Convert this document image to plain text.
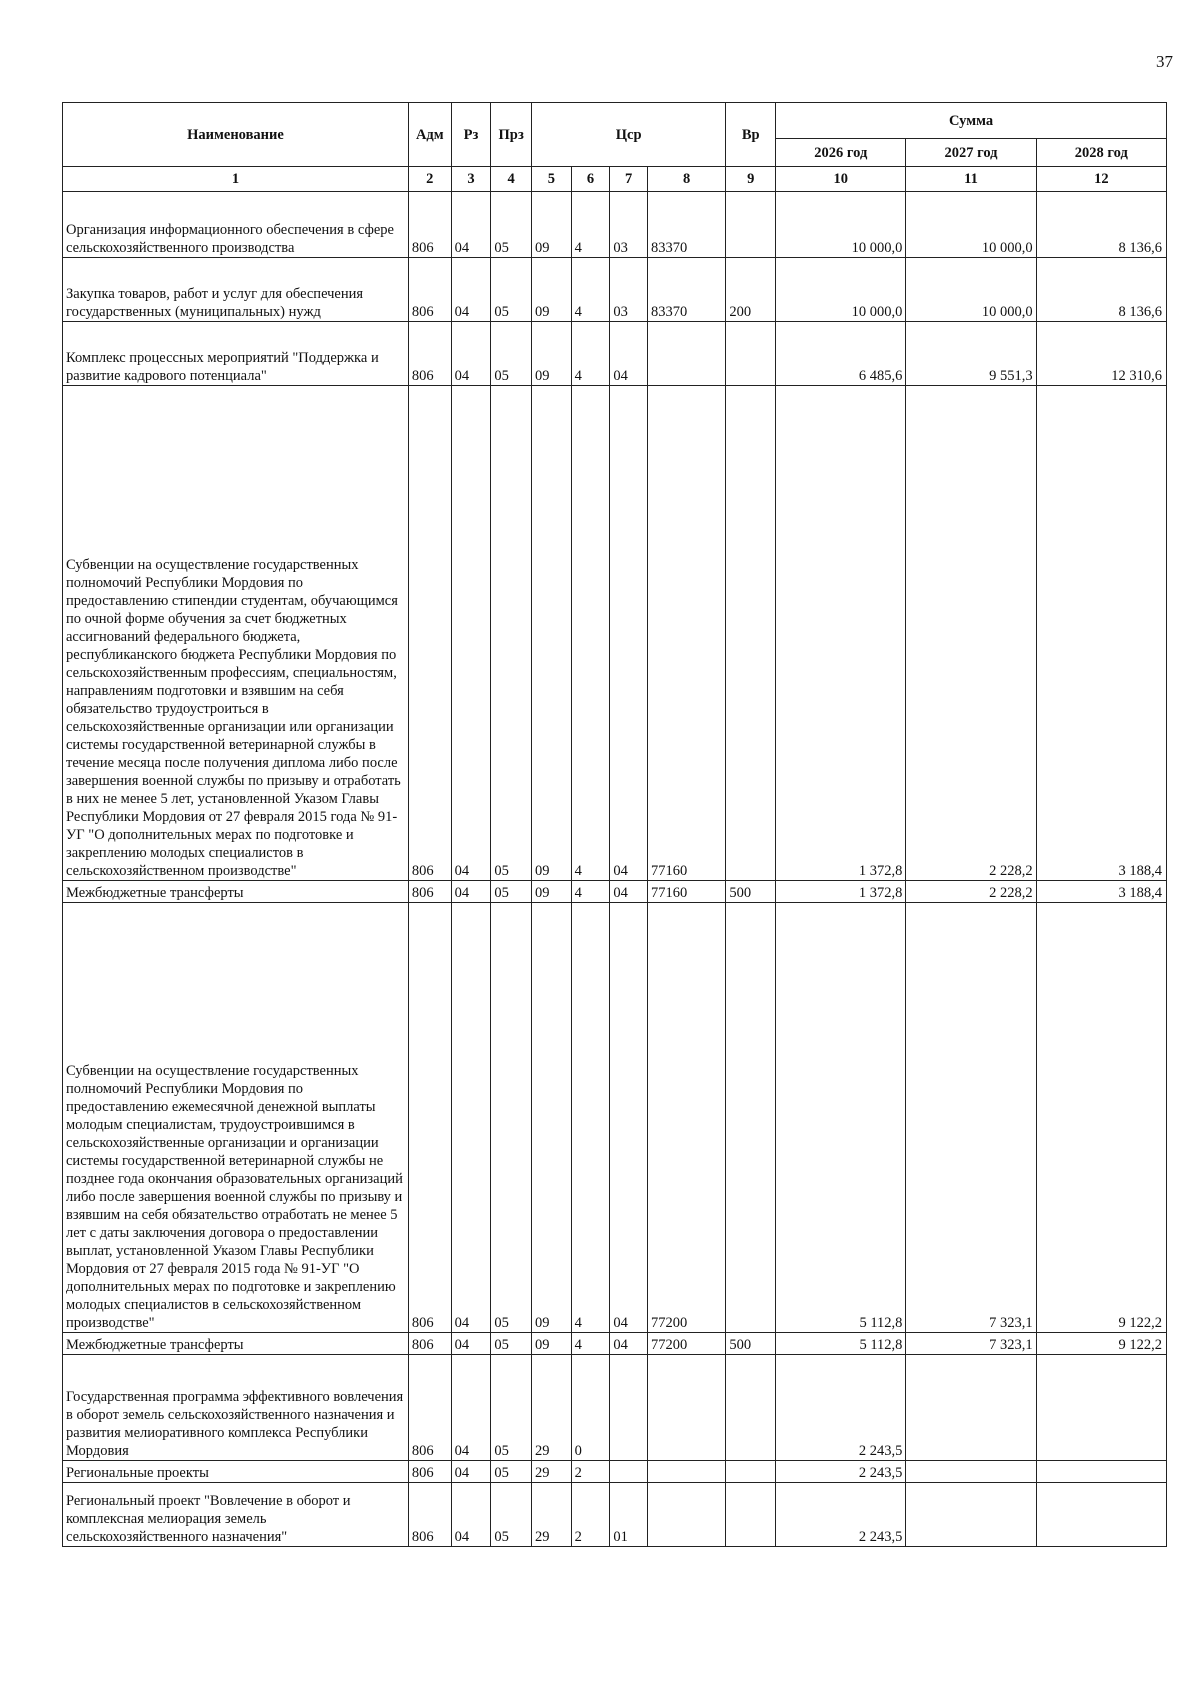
37
Наименование	Адм	Рз	Прз	Цср				Вр	Сумма		
									2026 год	2027 год	2028 год
1	2	3	4	5	6	7	8	9	10	11	12
Организация информационного обеспечения в сфере сельскохозяйственного производства	806	04	05	09	4	03	83370		10 000,0	10 000,0	8 136,6
Закупка товаров, работ и услуг для обеспечения государственных (муниципальных) нужд	806	04	05	09	4	03	83370	200	10 000,0	10 000,0	8 136,6
Комплекс процессных мероприятий "Поддержка и развитие кадрового потенциала"	806	04	05	09	4	04			6 485,6	9 551,3	12 310,6
Субвенции на осуществление государственных полномочий Республики Мордовия по предоставлению стипендии студентам, обучающимся по очной форме обучения за счет бюджетных ассигнований федерального бюджета, республиканского бюджета Республики Мордовия по сельскохозяйственным профессиям, специальностям, направлениям подготовки и взявшим на себя обязательство трудоустроиться в сельскохозяйственные организации или организации системы государственной ветеринарной службы в течение месяца после получения диплома либо после завершения военной службы по призыву и отработать в них не менее 5 лет, установленной Указом Главы Республики Мордовия от 27 февраля 2015 года № 91-УГ "О дополнительных мерах по подготовке и закреплению молодых специалистов в сельскохозяйственном производстве"	806	04	05	09	4	04	77160		1 372,8	2 228,2	3 188,4
Межбюджетные трансферты	806	04	05	09	4	04	77160	500	1 372,8	2 228,2	3 188,4
Субвенции на осуществление государственных полномочий Республики Мордовия по предоставлению ежемесячной денежной выплаты молодым специалистам, трудоустроившимся в сельскохозяйственные организации и организации системы государственной ветеринарной службы не позднее года окончания образовательных организаций либо после завершения военной службы по призыву и взявшим на себя обязательство отработать не менее 5 лет с даты заключения договора о предоставлении выплат, установленной Указом Главы Республики Мордовия от 27 февраля 2015 года № 91-УГ "О дополнительных мерах по подготовке и закреплению молодых специалистов в сельскохозяйственном производстве"	806	04	05	09	4	04	77200		5 112,8	7 323,1	9 122,2
Межбюджетные трансферты	806	04	05	09	4	04	77200	500	5 112,8	7 323,1	9 122,2
Государственная программа эффективного вовлечения в оборот земель сельскохозяйственного назначения и развития мелиоративного комплекса Республики Мордовия	806	04	05	29	0				2 243,5		
Региональные проекты	806	04	05	29	2				2 243,5		
Региональный проект "Вовлечение в оборот и комплексная мелиорация земель сельскохозяйственного назначения"	806	04	05	29	2	01			2 243,5		
